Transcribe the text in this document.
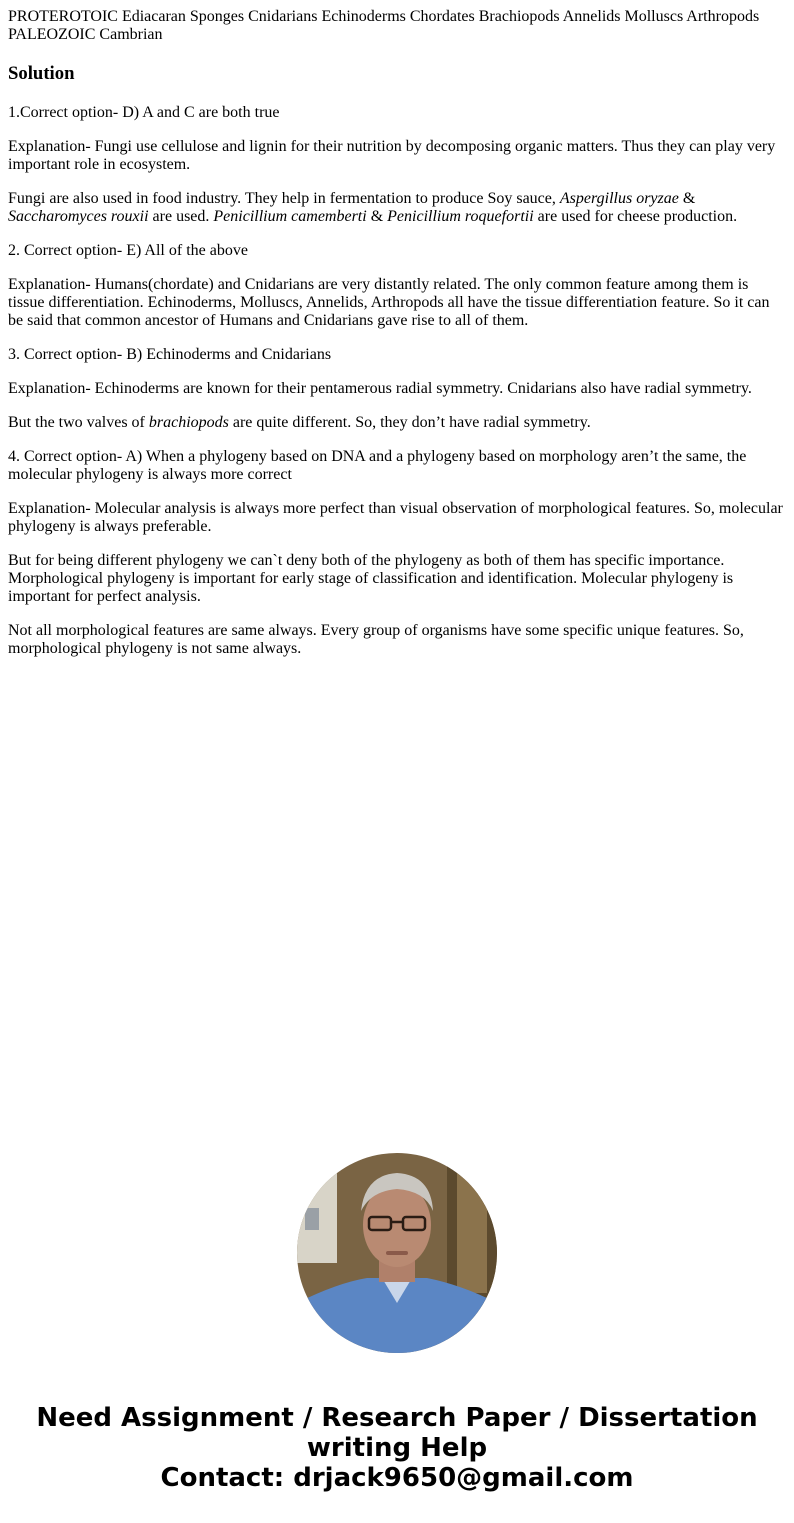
PROTEROTOIC Ediacaran Sponges Cnidarians Echinoderms Chordates Brachiopods Annelids Molluscs Arthropods PALEOZOIC Cambrian
Solution

1.Correct option- D) A and C are both true

Explanation- Fungi use cellulose and lignin for their nutrition by decomposing organic matters. Thus they can play very important role in ecosystem.

Fungi are also used in food industry. They help in fermentation to produce Soy sauce, Aspergillus oryzae & Saccharomyces rouxii are used. Penicillium camemberti & Penicillium roquefortii are used for cheese production.

2. Correct option- E) All of the above

Explanation- Humans(chordate) and Cnidarians are very distantly related. The only common feature among them is tissue differentiation. Echinoderms, Molluscs, Annelids, Arthropods all have the tissue differentiation feature. So it can be said that common ancestor of Humans and Cnidarians gave rise to all of them.

3. Correct option- B) Echinoderms and Cnidarians

Explanation- Echinoderms are known for their pentamerous radial symmetry. Cnidarians also have radial symmetry.

But the two valves of brachiopods are quite different. So, they don’t have radial symmetry.

4. Correct option- A) When a phylogeny based on DNA and a phylogeny based on morphology aren’t the same, the molecular phylogeny is always more correct

Explanation- Molecular analysis is always more perfect than visual observation of morphological features. So, molecular phylogeny is always preferable.

But for being different phylogeny we can`t deny both of the phylogeny as both of them has specific importance. Morphological phylogeny is important for early stage of classification and identification. Molecular phylogeny is important for perfect analysis.

Not all morphological features are same always. Every group of organisms have some specific unique features. So, morphological phylogeny is not same always.

Need Assignment / Research Paper / Dissertation
writing Help
Contact: drjack9650@gmail.com
